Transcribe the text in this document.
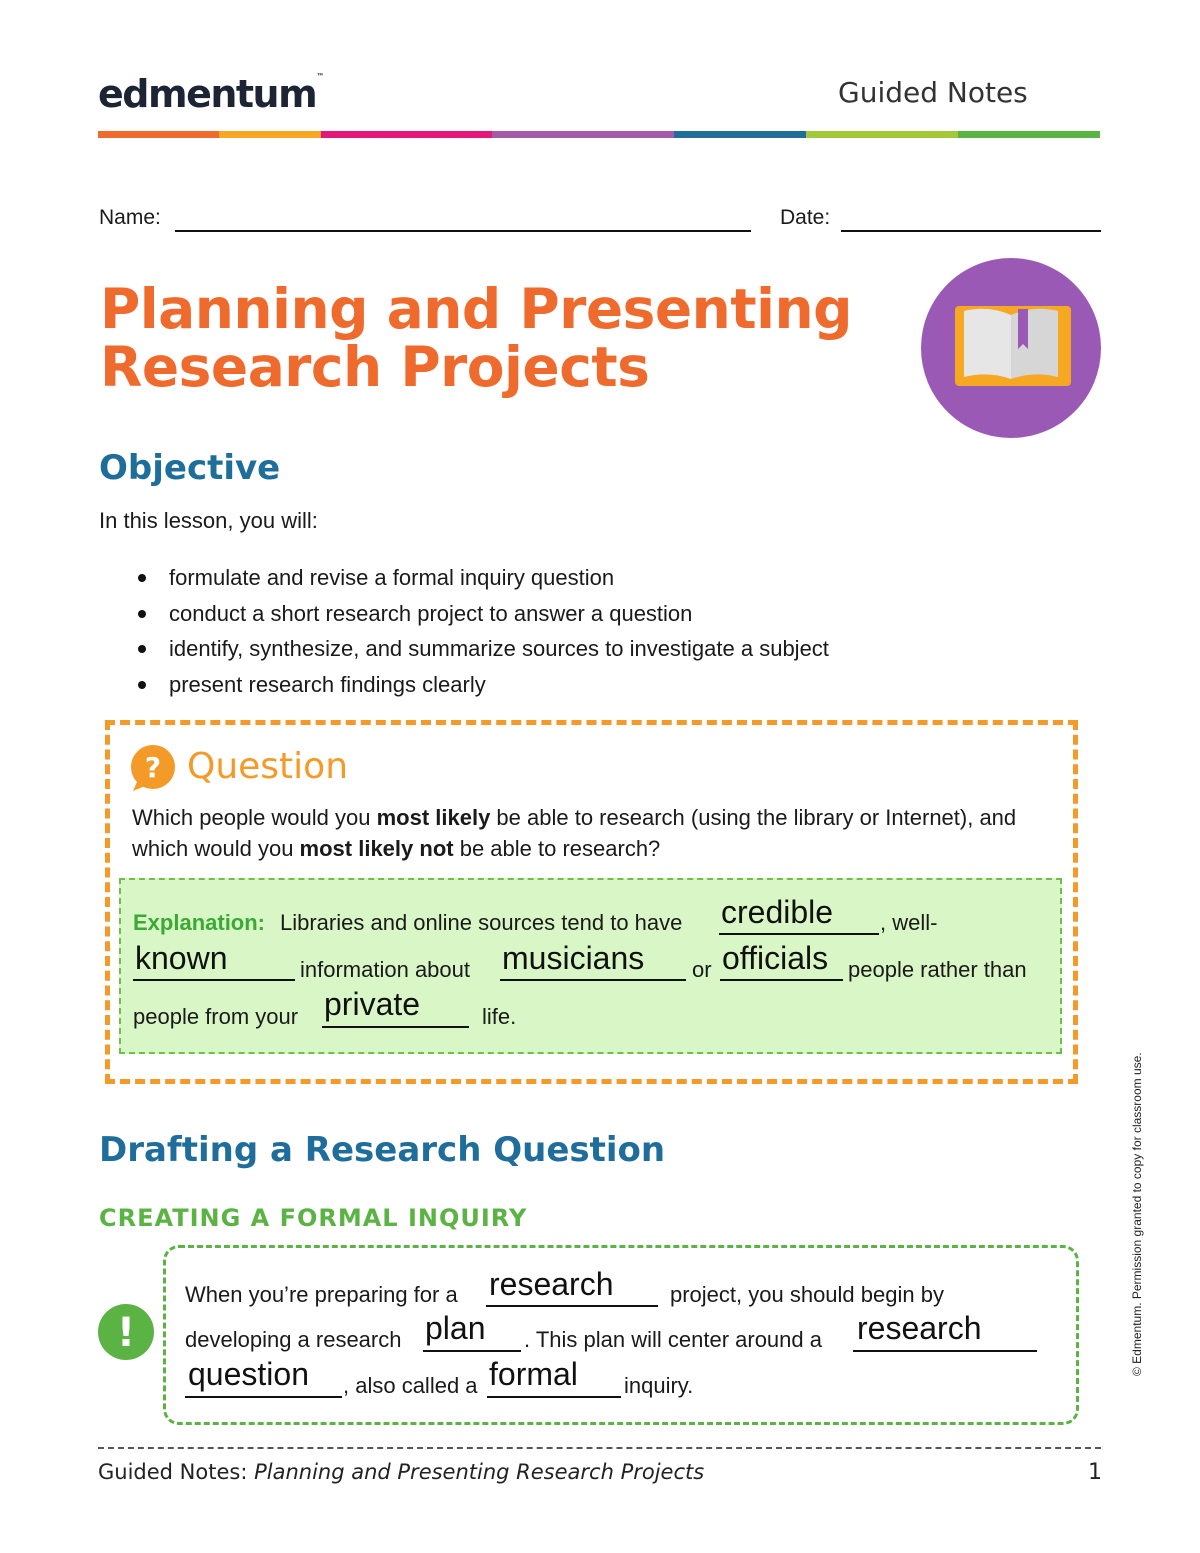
edmentum™	Guided Notes
Name:	Date:
Planning and Presenting
Research Projects
Objective

In this lesson, you will:

formulate and revise a formal inquiry question
conduct a short research project to answer a question
identify, synthesize, and summarize sources to investigate a subject
present research findings clearly
? Question

Which people would you most likely be able to research (using the library or Internet), and which would you most likely not be able to research?

Explanation: Libraries and online sources tend to have credible , well-
known	information about musicians or officials people rather than
people from your private	life.
Drafting a Research Question
CREATING A FORMAL INQUIRY
!
When you’re preparing for a research	project, you should begin by
developing a research plan . This plan will center around a research
question , also called a formal inquiry.
Guided Notes: Planning and Presenting Research Projects	1
© Edmentum. Permission granted to copy for classroom use.
